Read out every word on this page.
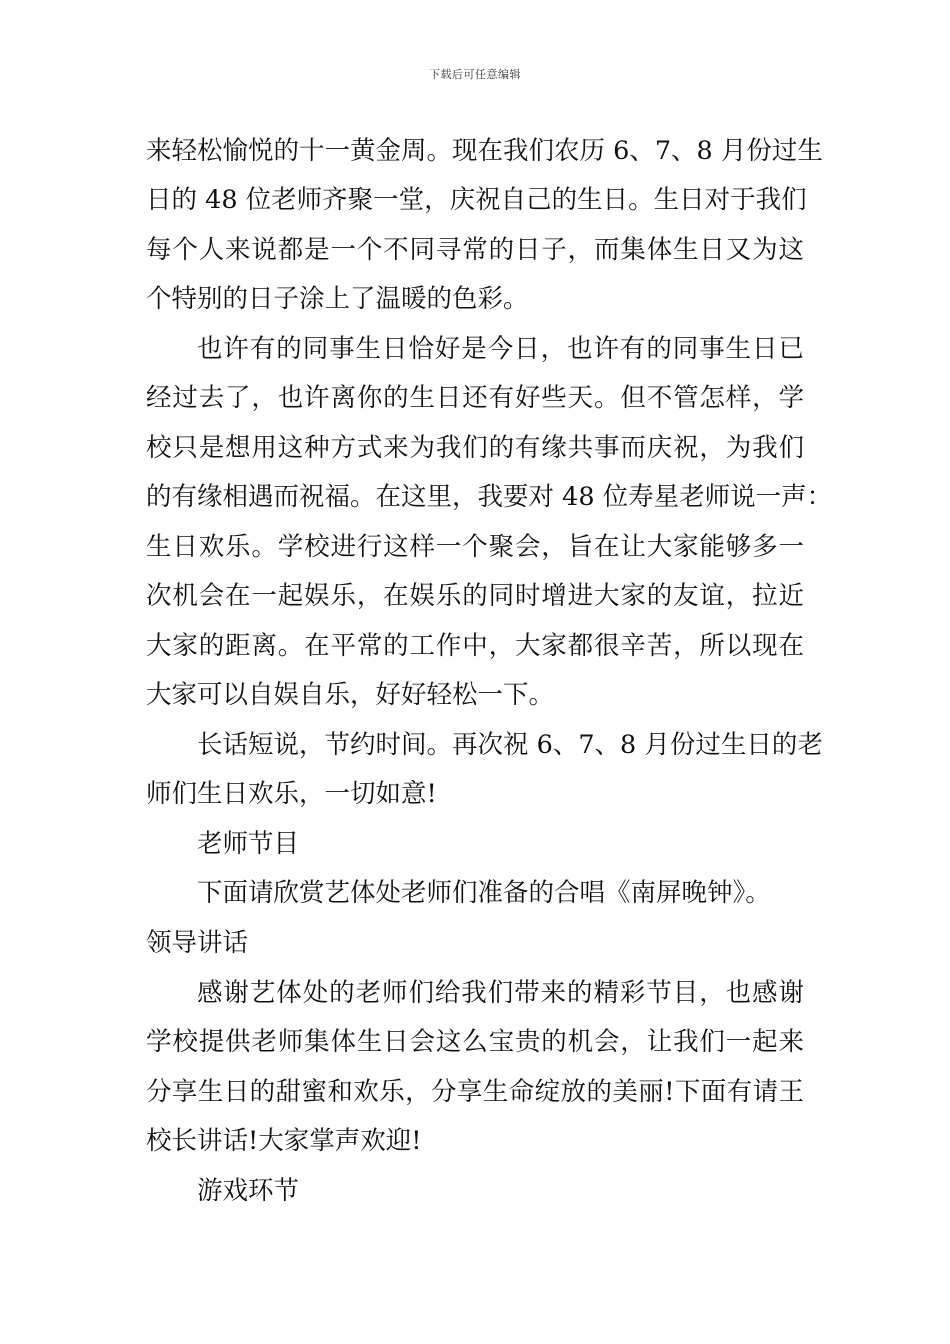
下载后可任意编辑
来轻松愉悦的十一黄金周。现在我们农历 6、7、8 月份过生
日的 48 位老师齐聚一堂，庆祝自己的生日。生日对于我们
每个人来说都是一个不同寻常的日子，而集体生日又为这
个特别的日子涂上了温暖的色彩。
也许有的同事生日恰好是今日，也许有的同事生日已
经过去了，也许离你的生日还有好些天。但不管怎样，学
校只是想用这种方式来为我们的有缘共事而庆祝，为我们
的有缘相遇而祝福。在这里，我要对 48 位寿星老师说一声：
生日欢乐。学校进行这样一个聚会，旨在让大家能够多一
次机会在一起娱乐，在娱乐的同时增进大家的友谊，拉近
大家的距离。在平常的工作中，大家都很辛苦，所以现在
大家可以自娱自乐，好好轻松一下。
长话短说，节约时间。再次祝 6、7、8 月份过生日的老
师们生日欢乐，一切如意!
老师节目
下面请欣赏艺体处老师们准备的合唱《南屏晚钟》。
领导讲话
感谢艺体处的老师们给我们带来的精彩节目，也感谢
学校提供老师集体生日会这么宝贵的机会，让我们一起来
分享生日的甜蜜和欢乐，分享生命绽放的美丽!下面有请王
校长讲话!大家掌声欢迎!
游戏环节
